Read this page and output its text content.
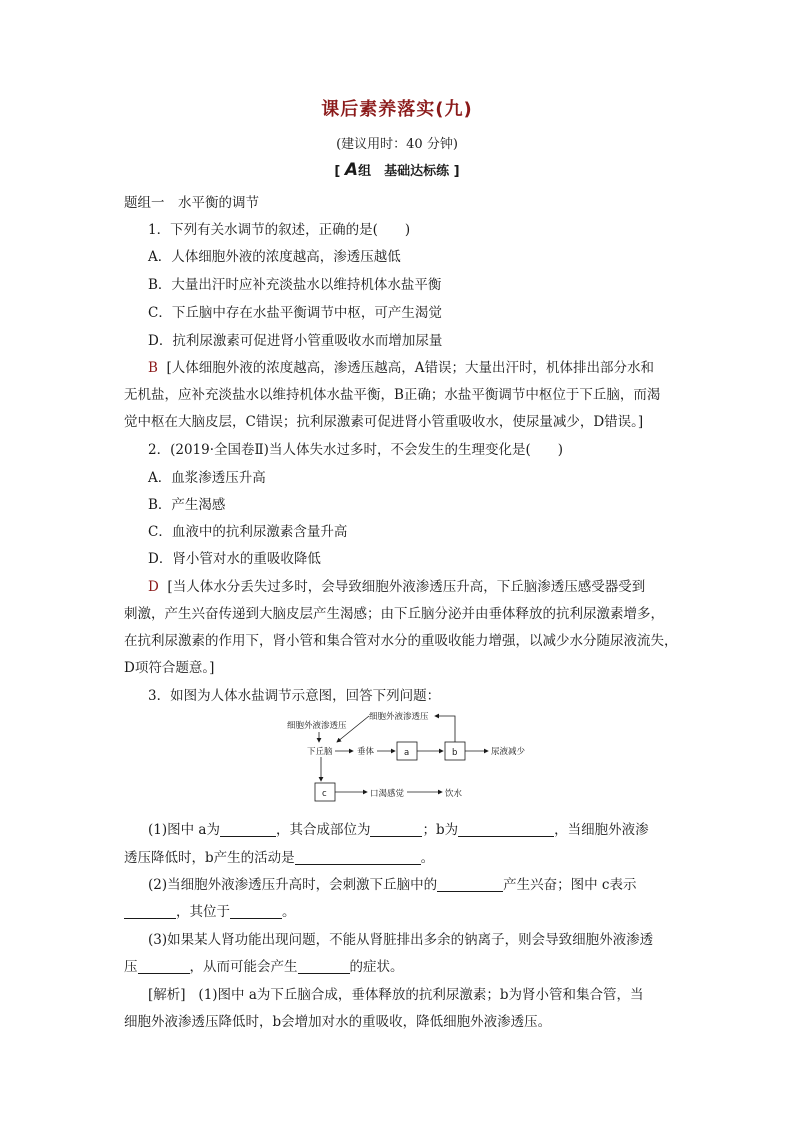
课后素养落实(九)
(建议用时：40 分钟)
[ A组　基础达标练 ]
题组一　水平衡的调节
1．下列有关水调节的叙述，正确的是(　　)
A．人体细胞外液的浓度越高，渗透压越低
B．大量出汗时应补充淡盐水以维持机体水盐平衡
C．下丘脑中存在水盐平衡调节中枢，可产生渴觉
D．抗利尿激素可促进肾小管重吸收水而增加尿量
B [人体细胞外液的浓度越高，渗透压越高，A错误；大量出汗时，机体排出部分水和
无机盐，应补充淡盐水以维持机体水盐平衡，B正确；水盐平衡调节中枢位于下丘脑，而渴
觉中枢在大脑皮层，C错误；抗利尿激素可促进肾小管重吸收水，使尿量减少，D错误。]
2．(2019·全国卷Ⅱ)当人体失水过多时，不会发生的生理变化是(　　)
A．血浆渗透压升高
B．产生渴感
C．血液中的抗利尿激素含量升高
D．肾小管对水的重吸收降低
D [当人体水分丢失过多时，会导致细胞外液渗透压升高，下丘脑渗透压感受器受到
刺激，产生兴奋传递到大脑皮层产生渴感；由下丘脑分泌并由垂体释放的抗利尿激素增多，
在抗利尿激素的作用下，肾小管和集合管对水分的重吸收能力增强，以减少水分随尿液流失，
D项符合题意。]
3．如图为人体水盐调节示意图，回答下列问题：
细胞外液渗透压
细胞外液渗透压
下丘脑	垂体	a	b	尿液减少
c	口渴感觉	饮水
(1)图中 a为	，其合成部位为	；b为	，当细胞外液渗
透压降低时，b产生的活动是	。
(2)当细胞外液渗透压升高时，会刺激下丘脑中的	产生兴奋；图中 c表示
，其位于	。
(3)如果某人肾功能出现问题，不能从肾脏排出多余的钠离子，则会导致细胞外液渗透
压	，从而可能会产生	的症状。
[解析] (1)图中 a为下丘脑合成，垂体释放的抗利尿激素；b为肾小管和集合管，当
细胞外液渗透压降低时，b会增加对水的重吸收，降低细胞外液渗透压。
